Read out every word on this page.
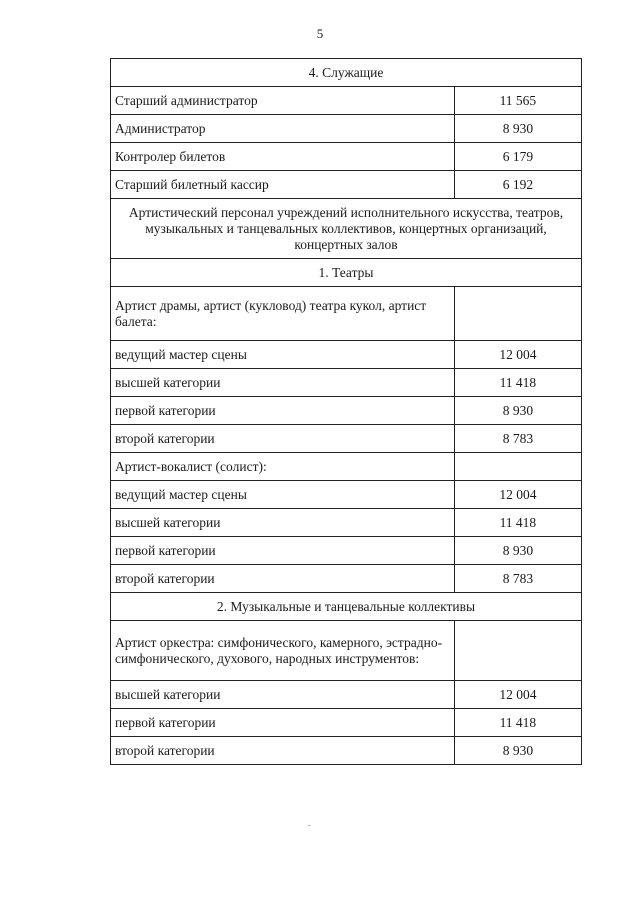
5
4. Служащие	
Старший администратор	11 565
Администратор	8 930
Контролер билетов	6 179
Старший билетный кассир	6 192
Артистический персонал учреждений исполнительного искусства, театров, музыкальных и танцевальных коллективов, концертных организаций, концертных залов	
1. Театры	
Артист драмы, артист (кукловод) театра кукол, артист балета:	
ведущий мастер сцены	12 004
высшей категории	11 418
первой категории	8 930
второй категории	8 783
Артист-вокалист (солист):	
ведущий мастер сцены	12 004
высшей категории	11 418
первой категории	8 930
второй категории	8 783
2. Музыкальные и танцевальные коллективы	
Артист оркестра: симфонического, камерного, эстрадно-симфонического, духового, народных инструментов:	
высшей категории	12 004
первой категории	11 418
второй категории	8 930
.
